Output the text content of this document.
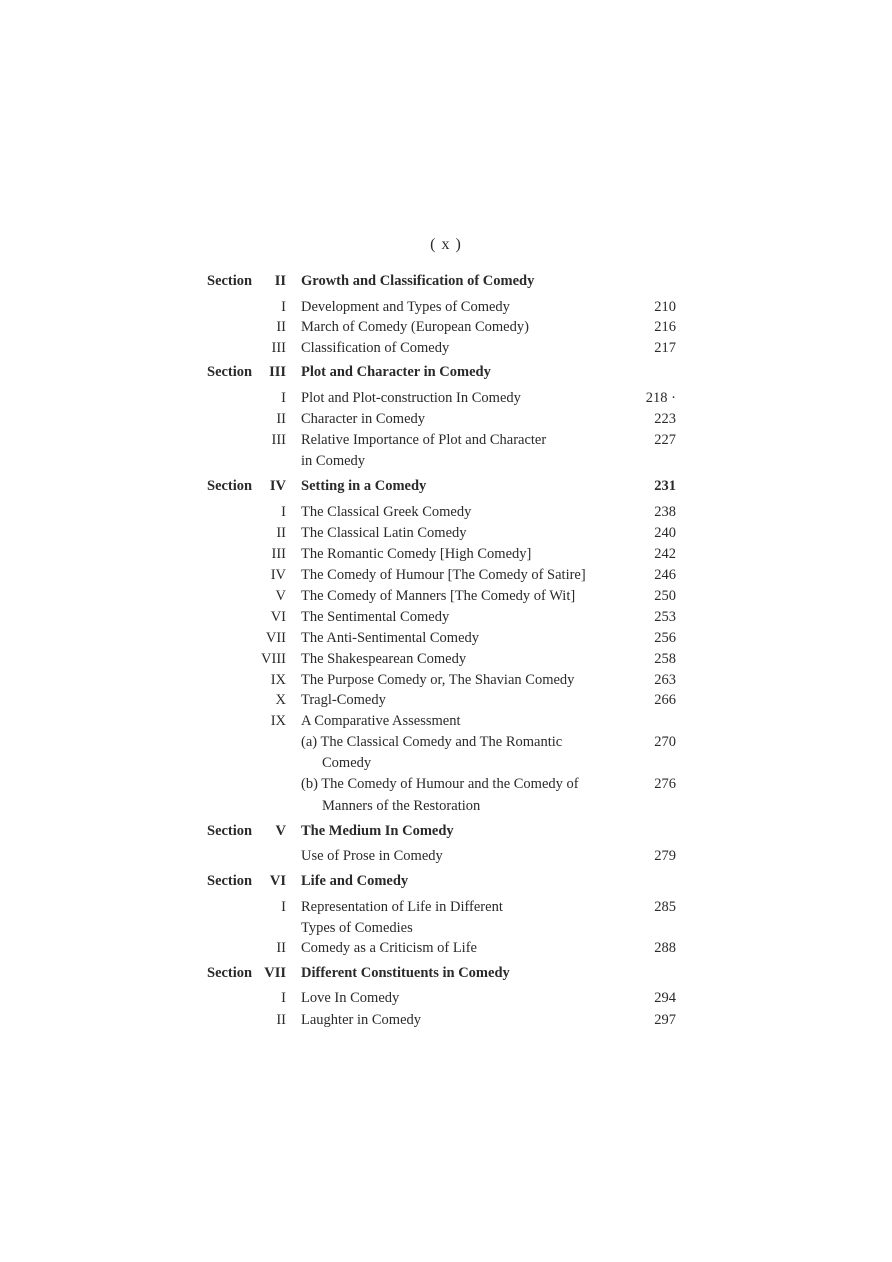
( x )
Section II Growth and Classification of Comedy
I Development and Types of Comedy	210
II March of Comedy (European Comedy)	216
III Classification of Comedy	217
Section III Plot and Character in Comedy
I Plot and Plot-construction In Comedy	218 ·
II Character in Comedy	223
III Relative Importance of Plot and Character	227
in Comedy
Section IV Setting in a Comedy	231
I The Classical Greek Comedy	238
II The Classical Latin Comedy	240
III The Romantic Comedy [High Comedy]	242
IV The Comedy of Humour [The Comedy of Satire]	246
V The Comedy of Manners [The Comedy of Wit]	250
VI The Sentimental Comedy	253
VII The Anti-Sentimental Comedy	256
VIII The Shakespearean Comedy	258
IX The Purpose Comedy or, The Shavian Comedy	263
X Tragl-Comedy	266
IX A Comparative Assessment
(a) The Classical Comedy and The Romantic	270
Comedy
(b) The Comedy of Humour and the Comedy of	276
Manners of the Restoration
Section V The Medium In Comedy
Use of Prose in Comedy	279
Section VI Life and Comedy
I Representation of Life in Different	285
Types of Comedies
II Comedy as a Criticism of Life	288
Section VII Different Constituents in Comedy
I Love In Comedy	294
II Laughter in Comedy	297
